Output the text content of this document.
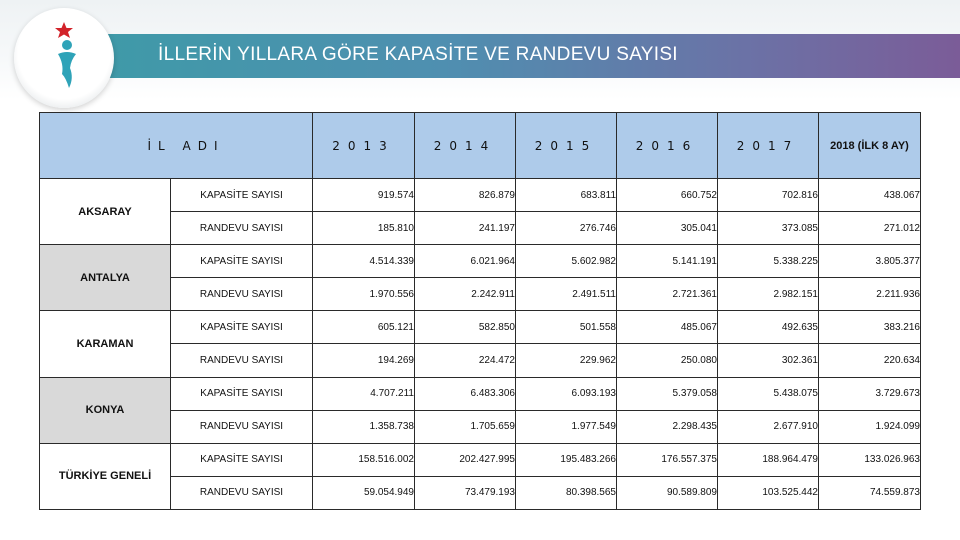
İLLERİN YILLARA GÖRE KAPASİTE VE RANDEVU SAYISI
İL ADI		2013	2014	2015	2016	2017	2018 (İLK 8 AY)
AKSARAY	KAPASİTE SAYISI	919.574	826.879	683.811	660.752	702.816	438.067
	RANDEVU SAYISI	185.810	241.197	276.746	305.041	373.085	271.012
ANTALYA	KAPASİTE SAYISI	4.514.339	6.021.964	5.602.982	5.141.191	5.338.225	3.805.377
	RANDEVU SAYISI	1.970.556	2.242.911	2.491.511	2.721.361	2.982.151	2.211.936
KARAMAN	KAPASİTE SAYISI	605.121	582.850	501.558	485.067	492.635	383.216
	RANDEVU SAYISI	194.269	224.472	229.962	250.080	302.361	220.634
KONYA	KAPASİTE SAYISI	4.707.211	6.483.306	6.093.193	5.379.058	5.438.075	3.729.673
	RANDEVU SAYISI	1.358.738	1.705.659	1.977.549	2.298.435	2.677.910	1.924.099
TÜRKİYE GENELİ	KAPASİTE SAYISI	158.516.002	202.427.995	195.483.266	176.557.375	188.964.479	133.026.963
	RANDEVU SAYISI	59.054.949	73.479.193	80.398.565	90.589.809	103.525.442	74.559.873
